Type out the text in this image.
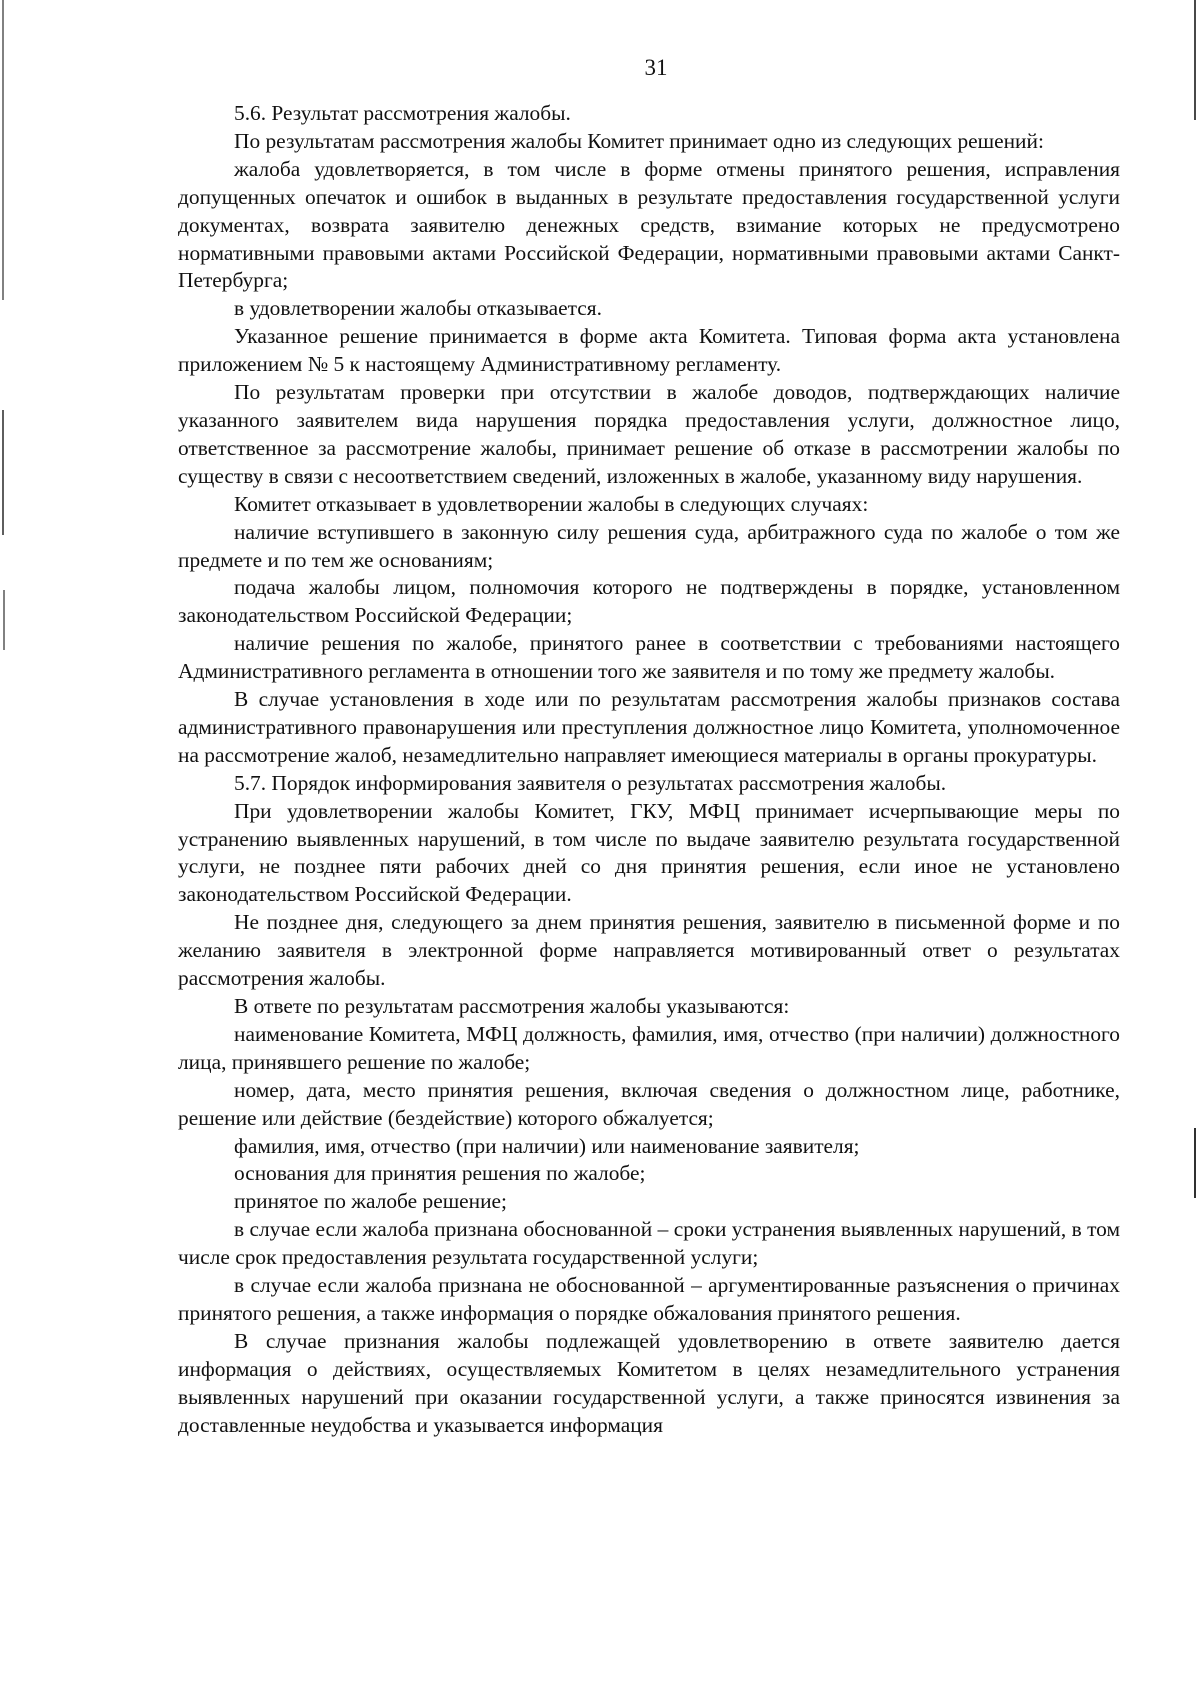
31

5.6. Результат рассмотрения жалобы.

По результатам рассмотрения жалобы Комитет принимает одно из следующих решений:

жалоба удовлетворяется, в том числе в форме отмены принятого решения, исправления допущенных опечаток и ошибок в выданных в результате предоставления государственной услуги документах, возврата заявителю денежных средств, взимание которых не предусмотрено нормативными правовыми актами Российской Федерации, нормативными правовыми актами Санкт-Петербурга;

в удовлетворении жалобы отказывается.

Указанное решение принимается в форме акта Комитета. Типовая форма акта установлена приложением № 5 к настоящему Административному регламенту.

По результатам проверки при отсутствии в жалобе доводов, подтверждающих наличие указанного заявителем вида нарушения порядка предоставления услуги, должностное лицо, ответственное за рассмотрение жалобы, принимает решение об отказе в рассмотрении жалобы по существу в связи с несоответствием сведений, изложенных в жалобе, указанному виду нарушения.

Комитет отказывает в удовлетворении жалобы в следующих случаях:

наличие вступившего в законную силу решения суда, арбитражного суда по жалобе о том же предмете и по тем же основаниям;

подача жалобы лицом, полномочия которого не подтверждены в порядке, установленном законодательством Российской Федерации;

наличие решения по жалобе, принятого ранее в соответствии с требованиями настоящего Административного регламента в отношении того же заявителя и по тому же предмету жалобы.

В случае установления в ходе или по результатам рассмотрения жалобы признаков состава административного правонарушения или преступления должностное лицо Комитета, уполномоченное на рассмотрение жалоб, незамедлительно направляет имеющиеся материалы в органы прокуратуры.

5.7. Порядок информирования заявителя о результатах рассмотрения жалобы.

При удовлетворении жалобы Комитет, ГКУ, МФЦ принимает исчерпывающие меры по устранению выявленных нарушений, в том числе по выдаче заявителю результата государственной услуги, не позднее пяти рабочих дней со дня принятия решения, если иное не установлено законодательством Российской Федерации.

Не позднее дня, следующего за днем принятия решения, заявителю в письменной форме и по желанию заявителя в электронной форме направляется мотивированный ответ о результатах рассмотрения жалобы.

В ответе по результатам рассмотрения жалобы указываются:

наименование Комитета, МФЦ должность, фамилия, имя, отчество (при наличии) должностного лица, принявшего решение по жалобе;

номер, дата, место принятия решения, включая сведения о должностном лице, работнике, решение или действие (бездействие) которого обжалуется;

фамилия, имя, отчество (при наличии) или наименование заявителя;

основания для принятия решения по жалобе;

принятое по жалобе решение;

в случае если жалоба признана обоснованной – сроки устранения выявленных нарушений, в том числе срок предоставления результата государственной услуги;

в случае если жалоба признана не обоснованной – аргументированные разъяснения о причинах принятого решения, а также информация о порядке обжалования принятого решения.

В случае признания жалобы подлежащей удовлетворению в ответе заявителю дается информация о действиях, осуществляемых Комитетом в целях незамедлительного устранения выявленных нарушений при оказании государственной услуги, а также приносятся извинения за доставленные неудобства и указывается информация
